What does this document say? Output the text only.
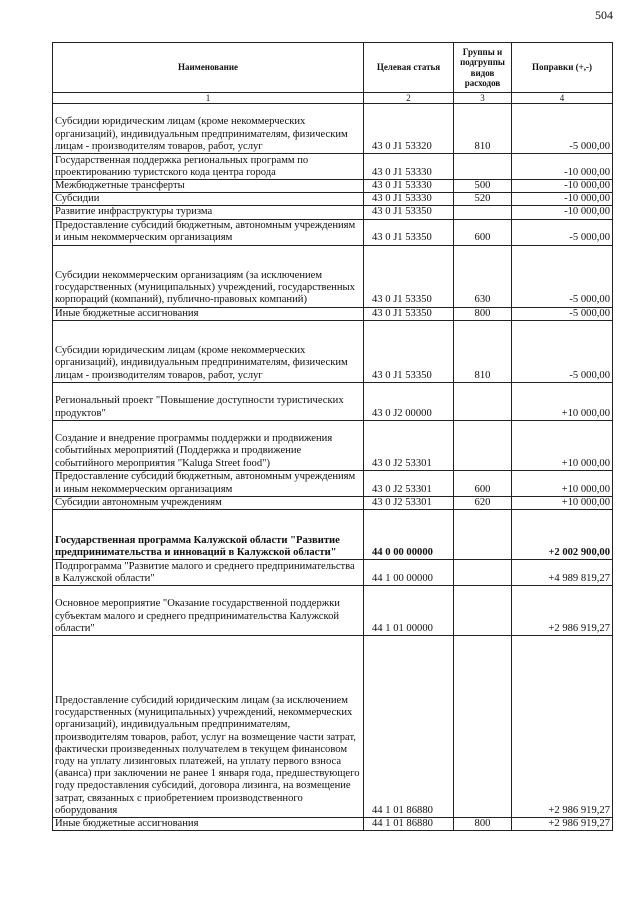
504
Наименование	Целевая статья	Группы и подгруппы видов расходов	Поправки (+,-)
1	2	3	4
Субсидии юридическим лицам (кроме некоммерческих организаций), индивидуальным предпринимателям, физическим лицам - производителям товаров, работ, услуг	43 0 J1 53320	810	-5 000,00
Государственная поддержка региональных программ по проектированию туристского кода центра города	43 0 J1 53330		-10 000,00
Межбюджетные трансферты	43 0 J1 53330	500	-10 000,00
Субсидии	43 0 J1 53330	520	-10 000,00
Развитие инфраструктуры туризма	43 0 J1 53350		-10 000,00
Предоставление субсидий бюджетным, автономным учреждениям и иным некоммерческим организациям	43 0 J1 53350	600	-5 000,00
Субсидии некоммерческим организациям (за исключением государственных (муниципальных) учреждений, государственных корпораций (компаний), публично-правовых компаний)	43 0 J1 53350	630	-5 000,00
Иные бюджетные ассигнования	43 0 J1 53350	800	-5 000,00
Субсидии юридическим лицам (кроме некоммерческих организаций), индивидуальным предпринимателям, физическим лицам - производителям товаров, работ, услуг	43 0 J1 53350	810	-5 000,00
Региональный проект "Повышение доступности туристических продуктов"	43 0 J2 00000		+10 000,00
Создание и внедрение программы поддержки и продвижения событийных мероприятий (Поддержка и продвижение событийного мероприятия "Kaluga Street food")	43 0 J2 53301		+10 000,00
Предоставление субсидий бюджетным, автономным учреждениям и иным некоммерческим организациям	43 0 J2 53301	600	+10 000,00
Субсидии автономным учреждениям	43 0 J2 53301	620	+10 000,00
Государственная программа Калужской области "Развитие предпринимательства и инноваций в Калужской области"	44 0 00 00000		+2 002 900,00
Подпрограмма "Развитие малого и среднего предпринимательства в Калужской области"	44 1 00 00000		+4 989 819,27
Основное мероприятие "Оказание государственной поддержки субъектам малого и среднего предпринимательства Калужской области"	44 1 01 00000		+2 986 919,27
Предоставление субсидий юридическим лицам (за исключением государственных (муниципальных) учреждений, некоммерческих организаций), индивидуальным предпринимателям, производителям товаров, работ, услуг на возмещение части затрат, фактически произведенных получателем в текущем финансовом году на уплату лизинговых платежей, на уплату первого взноса (аванса) при заключении не ранее 1 января года, предшествующего году предоставления субсидий, договора лизинга, на возмещение затрат, связанных с приобретением производственного оборудования	44 1 01 86880		+2 986 919,27
Иные бюджетные ассигнования	44 1 01 86880	800	+2 986 919,27
